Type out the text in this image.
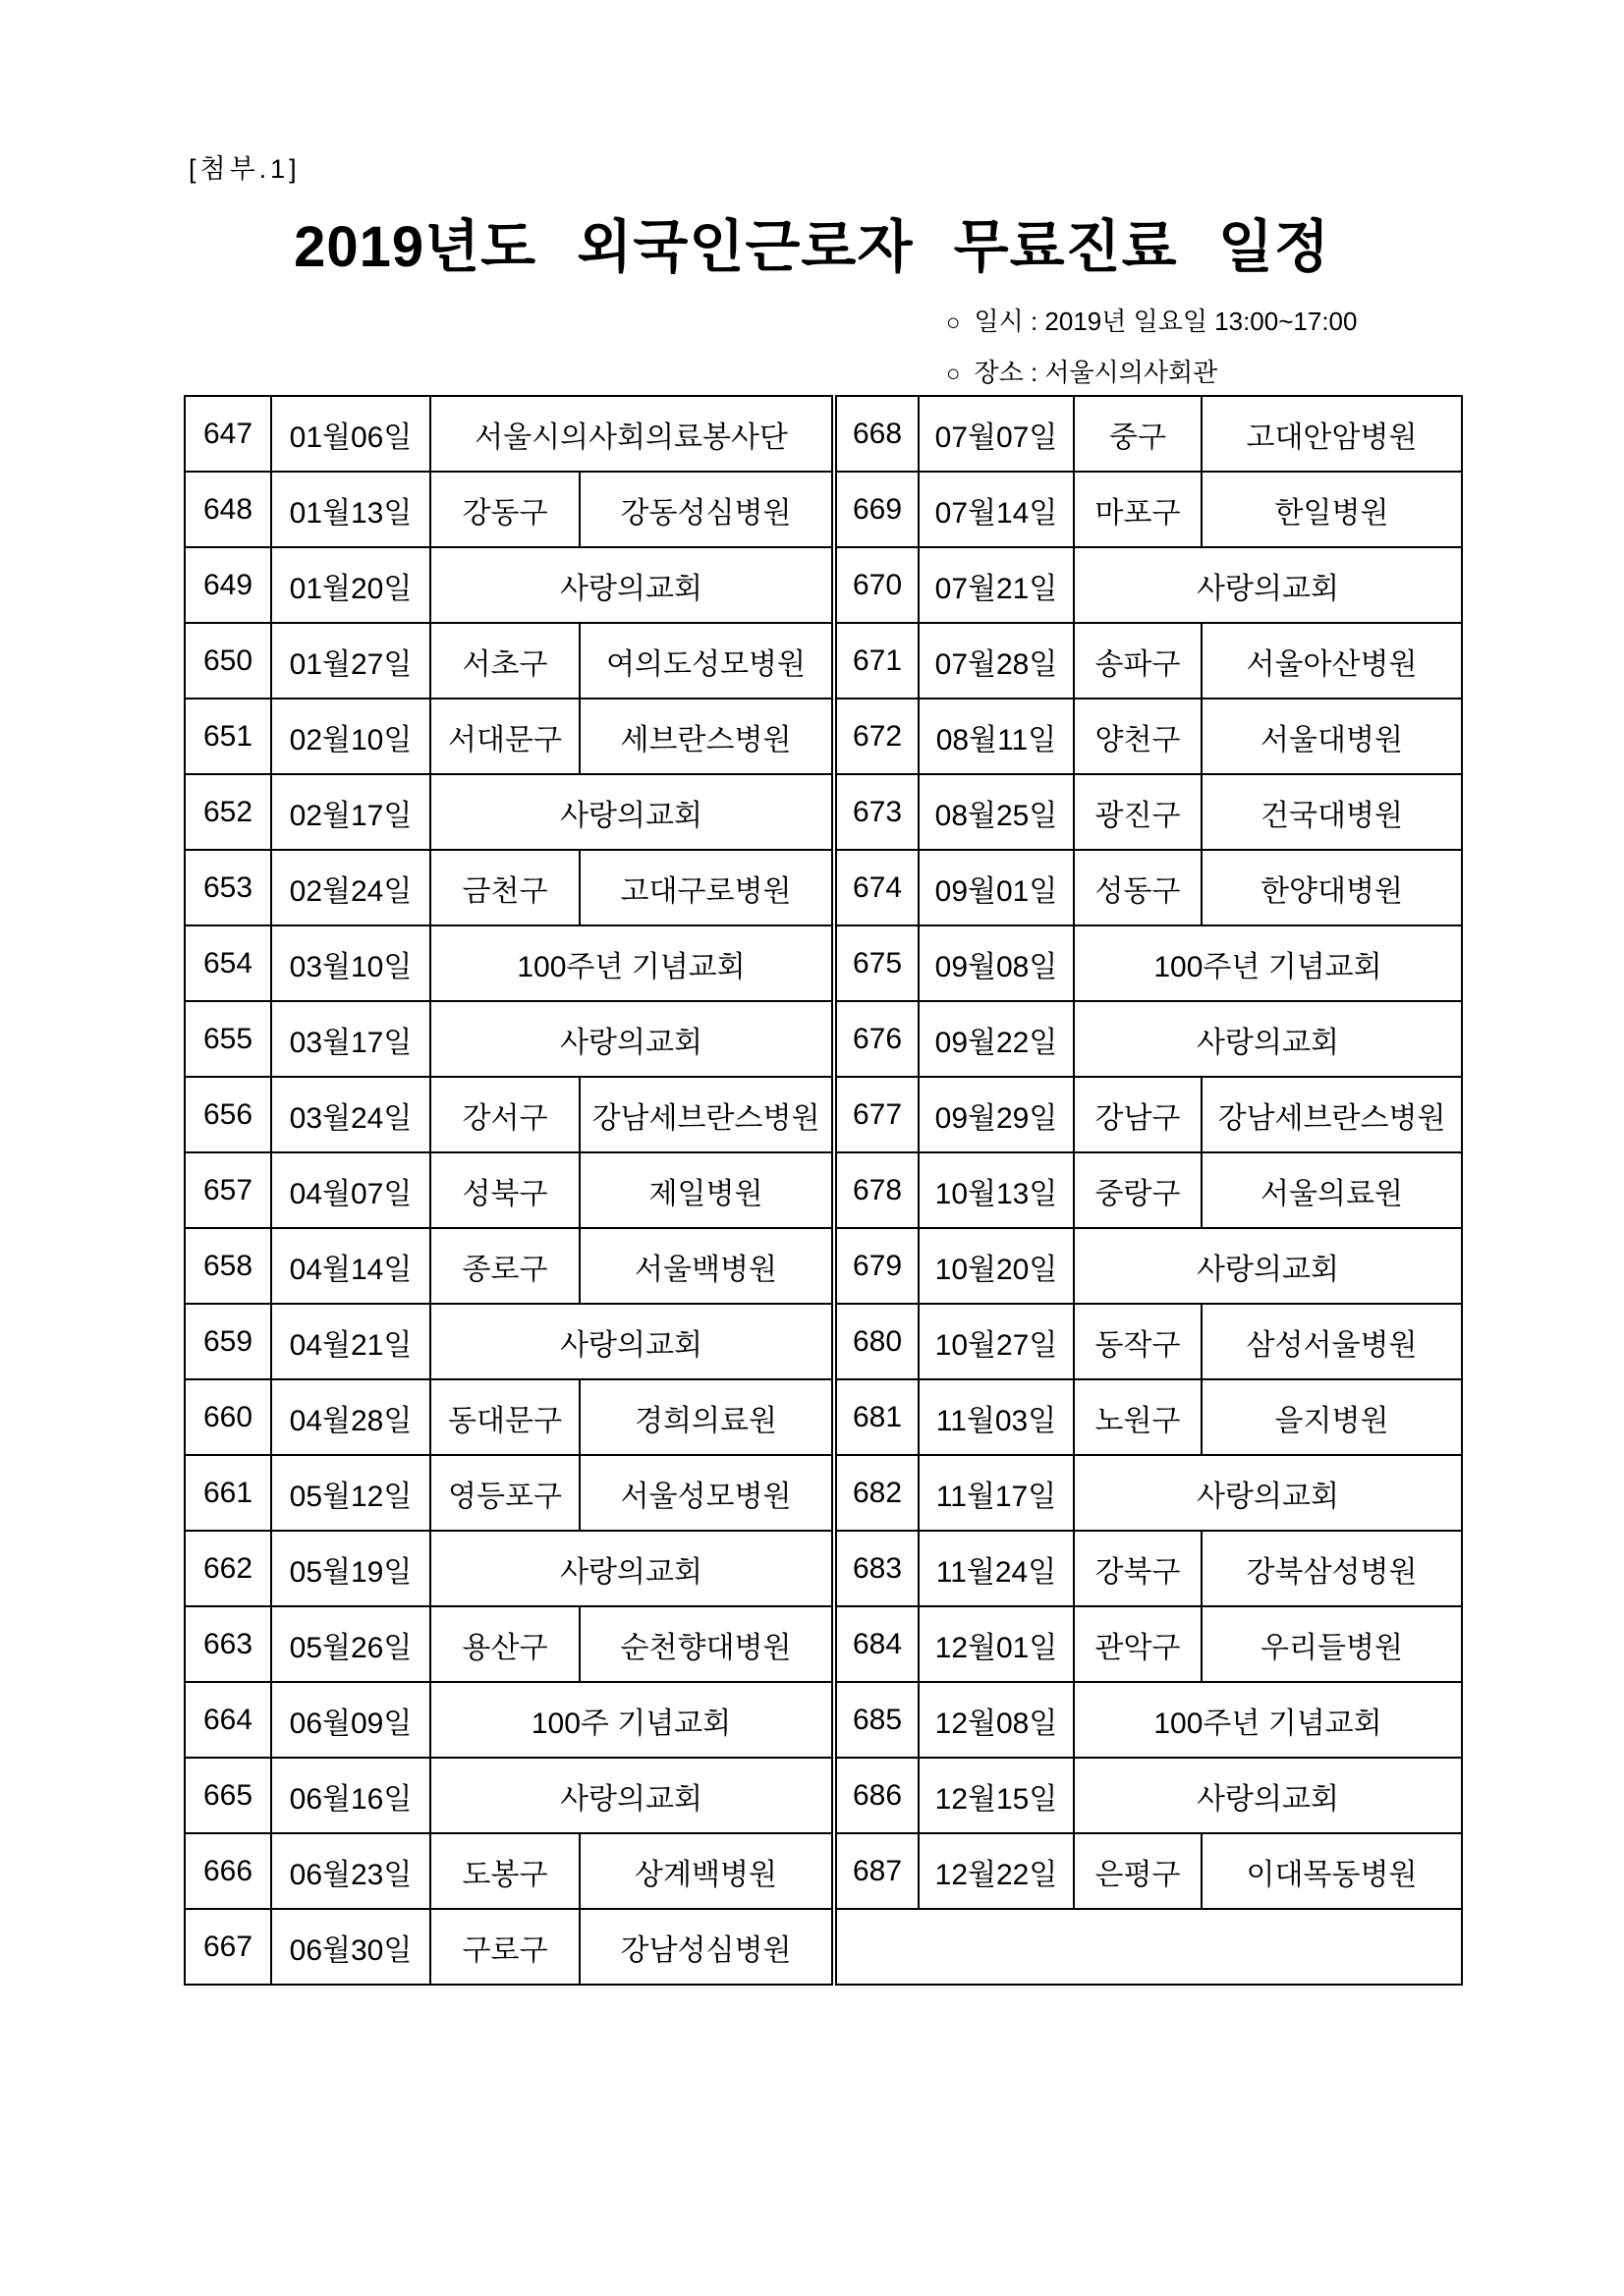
[첨부.1]
2019년도 외국인근로자 무료진료 일정
○ 일시 : 2019년 일요일 13:00~17:00
○ 장소 : 서울시의사회관
647	01월06일	서울시의사회의료봉사단	
648	01월13일	강동구	강동성심병원
649	01월20일	사랑의교회	
650	01월27일	서초구	여의도성모병원
651	02월10일	서대문구	세브란스병원
652	02월17일	사랑의교회	
653	02월24일	금천구	고대구로병원
654	03월10일	100주년 기념교회	
655	03월17일	사랑의교회	
656	03월24일	강서구	강남세브란스병원
657	04월07일	성북구	제일병원
658	04월14일	종로구	서울백병원
659	04월21일	사랑의교회	
660	04월28일	동대문구	경희의료원
661	05월12일	영등포구	서울성모병원
662	05월19일	사랑의교회	
663	05월26일	용산구	순천향대병원
664	06월09일	100주 기념교회	
665	06월16일	사랑의교회	
666	06월23일	도봉구	상계백병원
667	06월30일	구로구	강남성심병원
668	07월07일	중구	고대안암병원
669	07월14일	마포구	한일병원
670	07월21일	사랑의교회	
671	07월28일	송파구	서울아산병원
672	08월11일	양천구	서울대병원
673	08월25일	광진구	건국대병원
674	09월01일	성동구	한양대병원
675	09월08일	100주년 기념교회	
676	09월22일	사랑의교회	
677	09월29일	강남구	강남세브란스병원
678	10월13일	중랑구	서울의료원
679	10월20일	사랑의교회	
680	10월27일	동작구	삼성서울병원
681	11월03일	노원구	을지병원
682	11월17일	사랑의교회	
683	11월24일	강북구	강북삼성병원
684	12월01일	관악구	우리들병원
685	12월08일	100주년 기념교회	
686	12월15일	사랑의교회	
687	12월22일	은평구	이대목동병원
